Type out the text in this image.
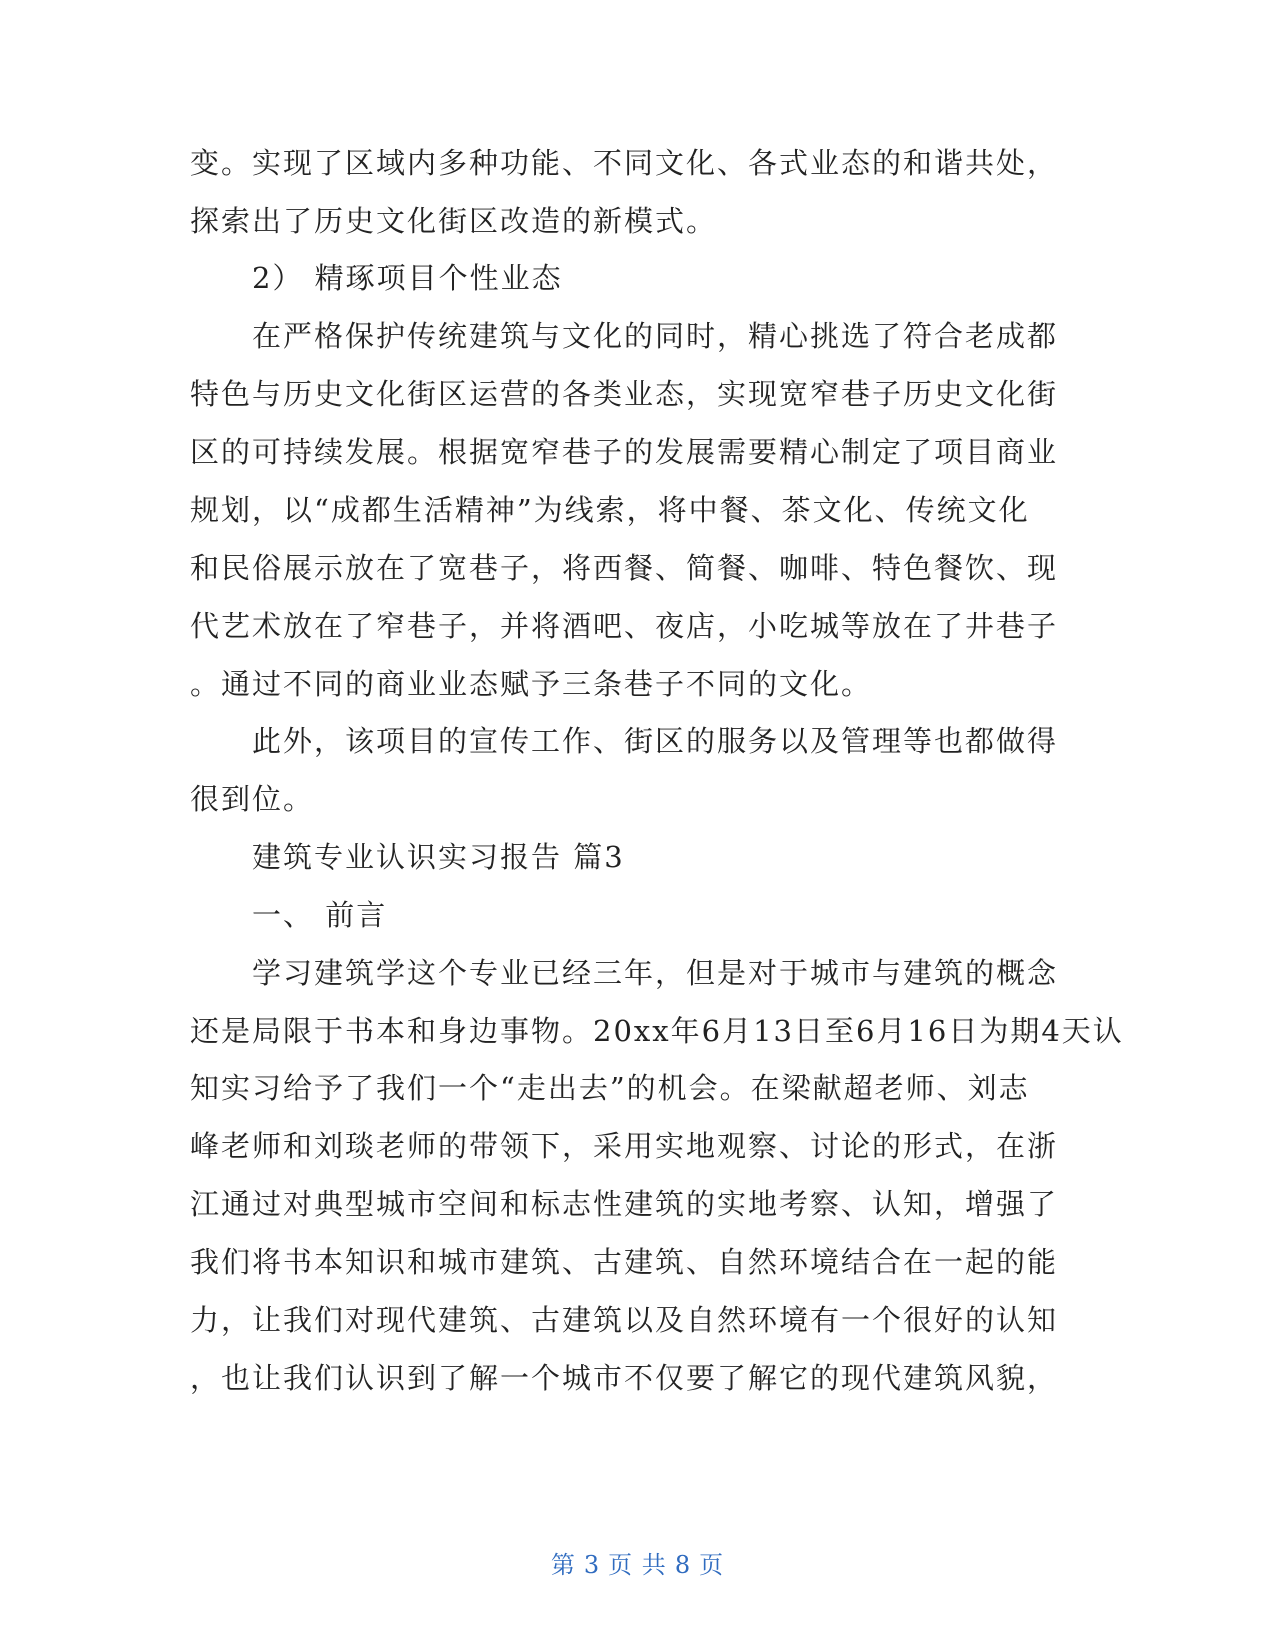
变。实现了区域内多种功能、不同文化、各式业态的和谐共处，
探索出了历史文化街区改造的新模式。
2） 精琢项目个性业态
在严格保护传统建筑与文化的同时，精心挑选了符合老成都
特色与历史文化街区运营的各类业态，实现宽窄巷子历史文化街
区的可持续发展。根据宽窄巷子的发展需要精心制定了项目商业
规划，以“成都生活精神”为线索，将中餐、茶文化、传统文化
和民俗展示放在了宽巷子，将西餐、简餐、咖啡、特色餐饮、现
代艺术放在了窄巷子，并将酒吧、夜店，小吃城等放在了井巷子
。通过不同的商业业态赋予三条巷子不同的文化。
此外，该项目的宣传工作、街区的服务以及管理等也都做得
很到位。
建筑专业认识实习报告 篇3
一、 前言
学习建筑学这个专业已经三年，但是对于城市与建筑的概念
还是局限于书本和身边事物。20xx年6月13日至6月16日为期4天认
知实习给予了我们一个“走出去”的机会。在梁献超老师、刘志
峰老师和刘琰老师的带领下，采用实地观察、讨论的形式，在浙
江通过对典型城市空间和标志性建筑的实地考察、认知，增强了
我们将书本知识和城市建筑、古建筑、自然环境结合在一起的能
力，让我们对现代建筑、古建筑以及自然环境有一个很好的认知
，也让我们认识到了解一个城市不仅要了解它的现代建筑风貌，
第 3 页 共 8 页
